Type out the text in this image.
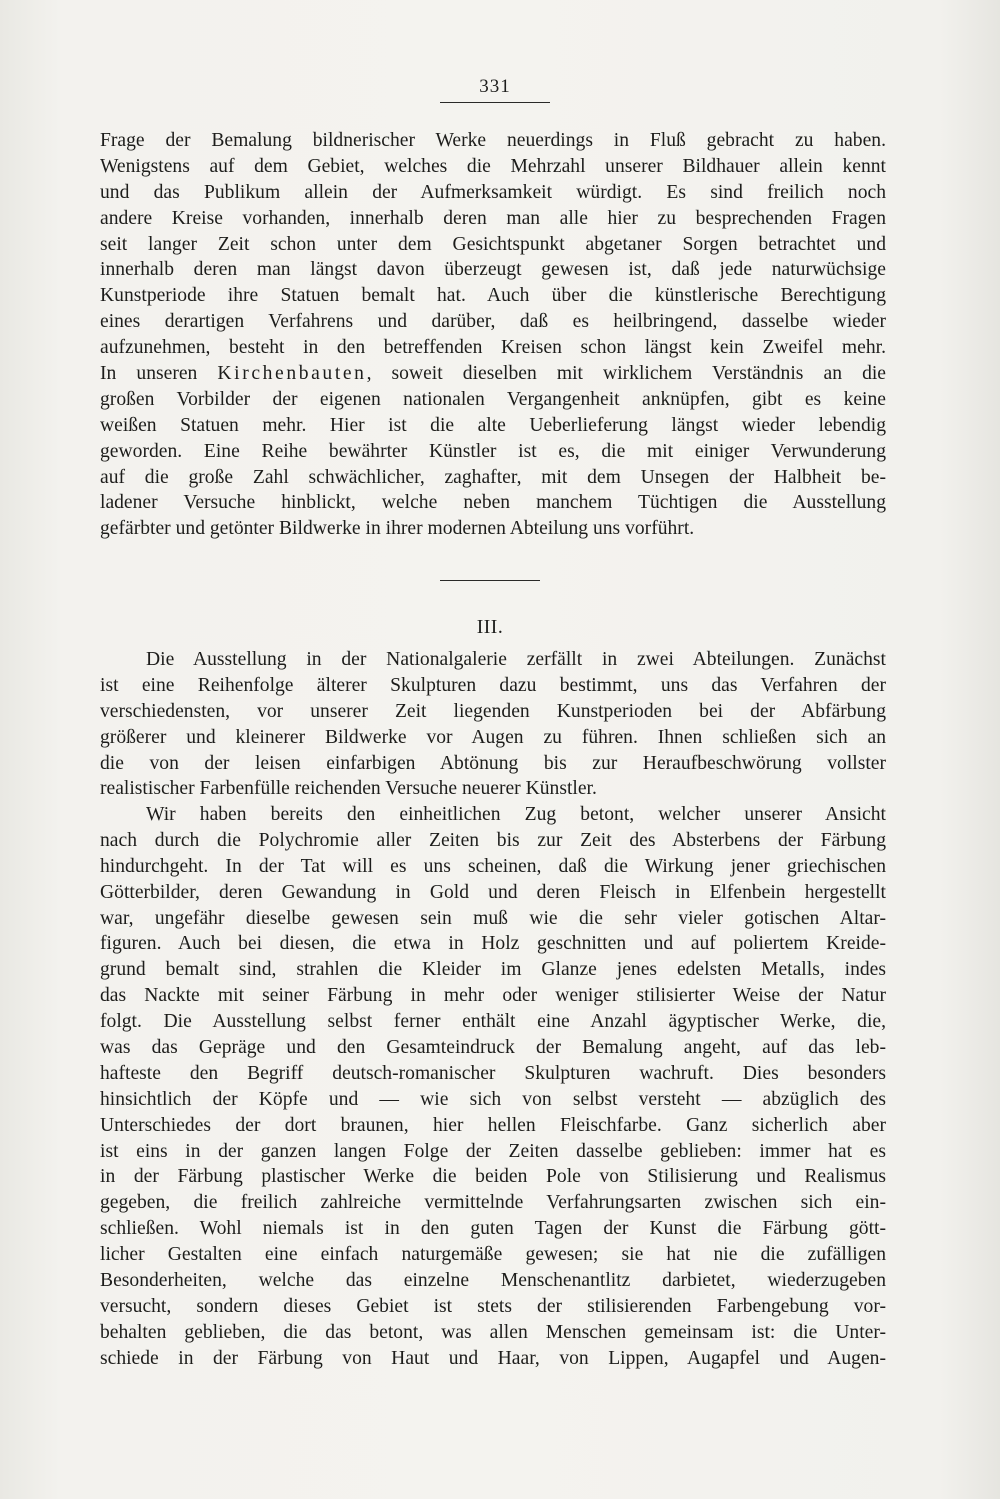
331
Frage der Bemalung bildnerischer Werke neuerdings in Fluß gebracht zu haben.
Wenigstens auf dem Gebiet, welches die Mehrzahl unserer Bildhauer allein kennt
und das Publikum allein der Aufmerksamkeit würdigt. Es sind freilich noch
andere Kreise vorhanden, innerhalb deren man alle hier zu besprechenden Fragen
seit langer Zeit schon unter dem Gesichtspunkt abgetaner Sorgen betrachtet und
innerhalb deren man längst davon überzeugt gewesen ist, daß jede naturwüchsige
Kunstperiode ihre Statuen bemalt hat. Auch über die künstlerische Berechtigung
eines derartigen Verfahrens und darüber, daß es heilbringend, dasselbe wieder
aufzunehmen, besteht in den betreffenden Kreisen schon längst kein Zweifel mehr.
In unseren Kirchenbauten, soweit dieselben mit wirklichem Verständnis an die
großen Vorbilder der eigenen nationalen Vergangenheit anknüpfen, gibt es keine
weißen Statuen mehr. Hier ist die alte Ueberlieferung längst wieder lebendig
geworden. Eine Reihe bewährter Künstler ist es, die mit einiger Verwunderung
auf die große Zahl schwächlicher, zaghafter, mit dem Unsegen der Halbheit be-
ladener Versuche hinblickt, welche neben manchem Tüchtigen die Ausstellung
gefärbter und getönter Bildwerke in ihrer modernen Abteilung uns vorführt.
III.
Die Ausstellung in der Nationalgalerie zerfällt in zwei Abteilungen. Zunächst
ist eine Reihenfolge älterer Skulpturen dazu bestimmt, uns das Verfahren der
verschiedensten, vor unserer Zeit liegenden Kunstperioden bei der Abfärbung
größerer und kleinerer Bildwerke vor Augen zu führen. Ihnen schließen sich an
die von der leisen einfarbigen Abtönung bis zur Heraufbeschwörung vollster
realistischer Farbenfülle reichenden Versuche neuerer Künstler.
Wir haben bereits den einheitlichen Zug betont, welcher unserer Ansicht
nach durch die Polychromie aller Zeiten bis zur Zeit des Absterbens der Färbung
hindurchgeht. In der Tat will es uns scheinen, daß die Wirkung jener griechischen
Götterbilder, deren Gewandung in Gold und deren Fleisch in Elfenbein hergestellt
war, ungefähr dieselbe gewesen sein muß wie die sehr vieler gotischen Altar-
figuren. Auch bei diesen, die etwa in Holz geschnitten und auf poliertem Kreide-
grund bemalt sind, strahlen die Kleider im Glanze jenes edelsten Metalls, indes
das Nackte mit seiner Färbung in mehr oder weniger stilisierter Weise der Natur
folgt. Die Ausstellung selbst ferner enthält eine Anzahl ägyptischer Werke, die,
was das Gepräge und den Gesamteindruck der Bemalung angeht, auf das leb-
hafteste den Begriff deutsch-romanischer Skulpturen wachruft. Dies besonders
hinsichtlich der Köpfe und — wie sich von selbst versteht — abzüglich des
Unterschiedes der dort braunen, hier hellen Fleischfarbe. Ganz sicherlich aber
ist eins in der ganzen langen Folge der Zeiten dasselbe geblieben: immer hat es
in der Färbung plastischer Werke die beiden Pole von Stilisierung und Realismus
gegeben, die freilich zahlreiche vermittelnde Verfahrungsarten zwischen sich ein-
schließen. Wohl niemals ist in den guten Tagen der Kunst die Färbung gött-
licher Gestalten eine einfach naturgemäße gewesen; sie hat nie die zufälligen
Besonderheiten, welche das einzelne Menschenantlitz darbietet, wiederzugeben
versucht, sondern dieses Gebiet ist stets der stilisierenden Farbengebung vor-
behalten geblieben, die das betont, was allen Menschen gemeinsam ist: die Unter-
schiede in der Färbung von Haut und Haar, von Lippen, Augapfel und Augen-
